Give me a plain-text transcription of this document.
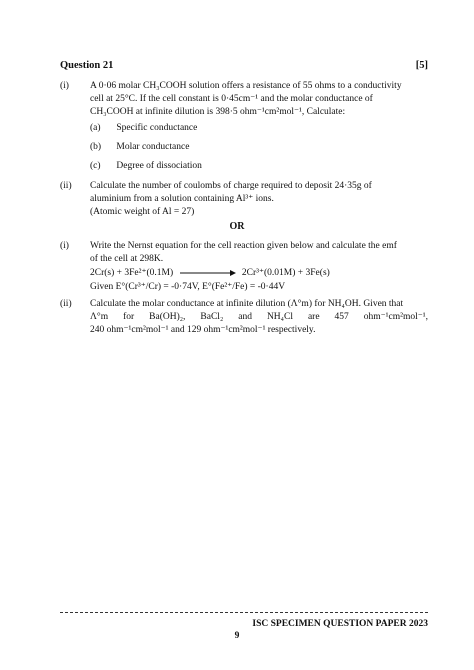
Question 21	[5]
(i)	A 0·06 molar CH₃COOH solution offers a resistance of 55 ohms to a conductivity
cell at 25°C. If the cell constant is 0·45cm⁻¹ and the molar conductance of
CH₃COOH at infinite dilution is 398·5 ohm⁻¹cm²mol⁻¹, Calculate:
(a) Specific conductance
(b) Molar conductance
(c) Degree of dissociation
(ii)	Calculate the number of coulombs of charge required to deposit 24·35g of
aluminium from a solution containing Al³⁺ ions.
(Atomic weight of Al = 27)
OR
(i)	Write the Nernst equation for the cell reaction given below and calculate the emf
of the cell at 298K.
2Cr(s) + 3Fe²⁺(0.1M)	2Cr³⁺(0.01M) + 3Fe(s)
Given E°(Cr³⁺/Cr) = -0·74V, E°(Fe²⁺/Fe) = -0·44V
(ii)	Calculate the molar conductance at infinite dilution (Λ°m) for NH₄OH. Given that
Λ°m for Ba(OH)₂, BaCl₂ and NH₄Cl are 457 ohm⁻¹cm²mol⁻¹,
240 ohm⁻¹cm²mol⁻¹ and 129 ohm⁻¹cm²mol⁻¹ respectively.
ISC SPECIMEN QUESTION PAPER 2023
9
